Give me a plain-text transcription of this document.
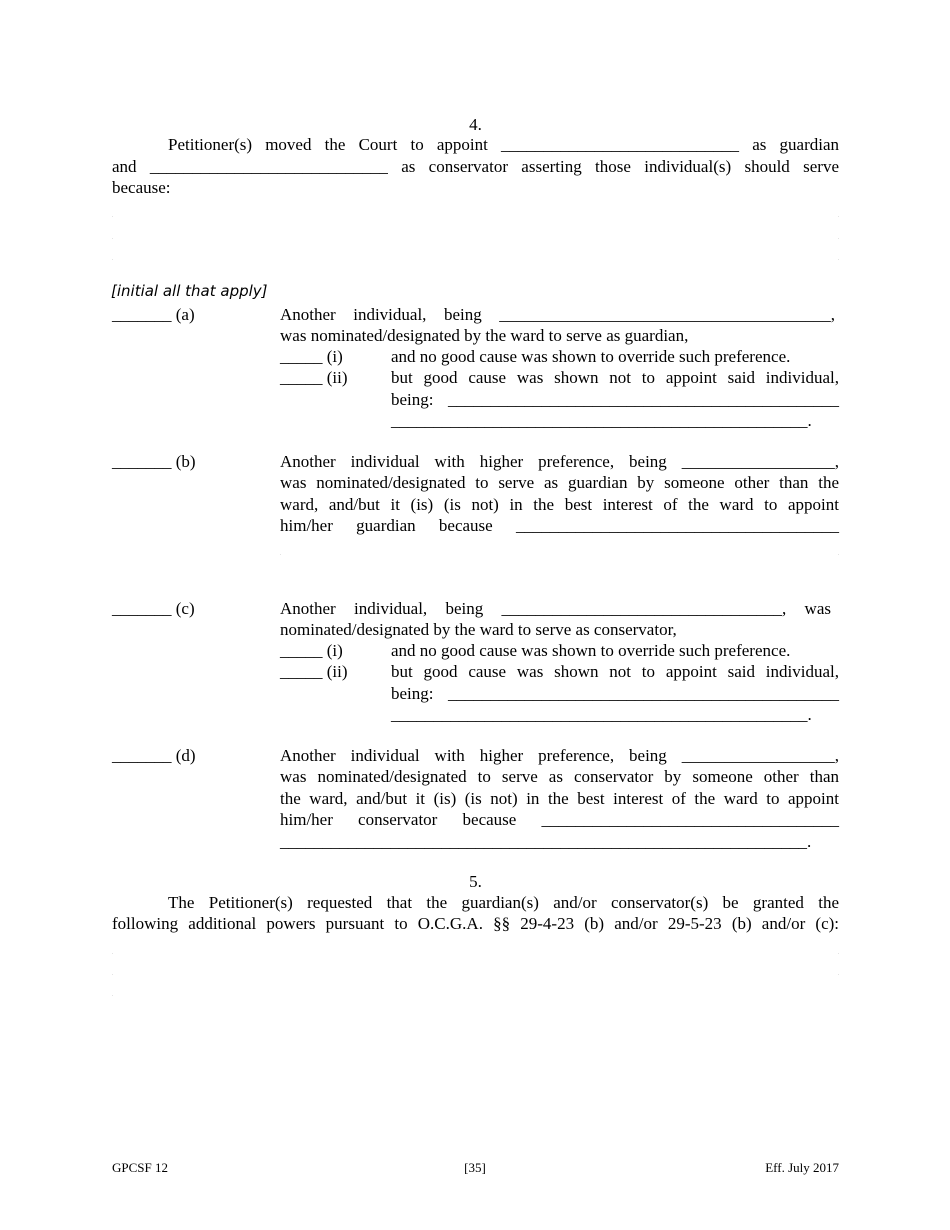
4.
Petitioner(s) moved the Court to appoint ____________________________ as guardian
and ____________________________ as conservator asserting those individual(s) should serve
because:
[initial all that apply]
_______ (a)	Another individual, being _______________________________________,
was nominated/designated by the ward to serve as guardian,
_____ (i)	and no good cause was shown to override such preference.
_____ (ii)	but good cause was shown not to appoint said individual,
being: ______________________________________________
_________________________________________________.
_______ (b)	Another individual with higher preference, being __________________,
was nominated/designated to serve as guardian by someone other than the
ward, and/but it (is) (is not) in the best interest of the ward to appoint
him/her guardian because ______________________________________
_______ (c)	Another individual, being _________________________________, was
nominated/designated by the ward to serve as conservator,
_____ (i)	and no good cause was shown to override such preference.
_____ (ii)	but good cause was shown not to appoint said individual,
being: ______________________________________________
_________________________________________________.
_______ (d)	Another individual with higher preference, being __________________,
was nominated/designated to serve as conservator by someone other than
the ward, and/but it (is) (is not) in the best interest of the ward to appoint
him/her conservator because ___________________________________
______________________________________________________________.
5.
The Petitioner(s) requested that the guardian(s) and/or conservator(s) be granted the
following additional powers pursuant to O.C.G.A. §§ 29-4-23 (b) and/or 29-5-23 (b) and/or (c):
GPCSF 12	[35]	Eff. July 2017
